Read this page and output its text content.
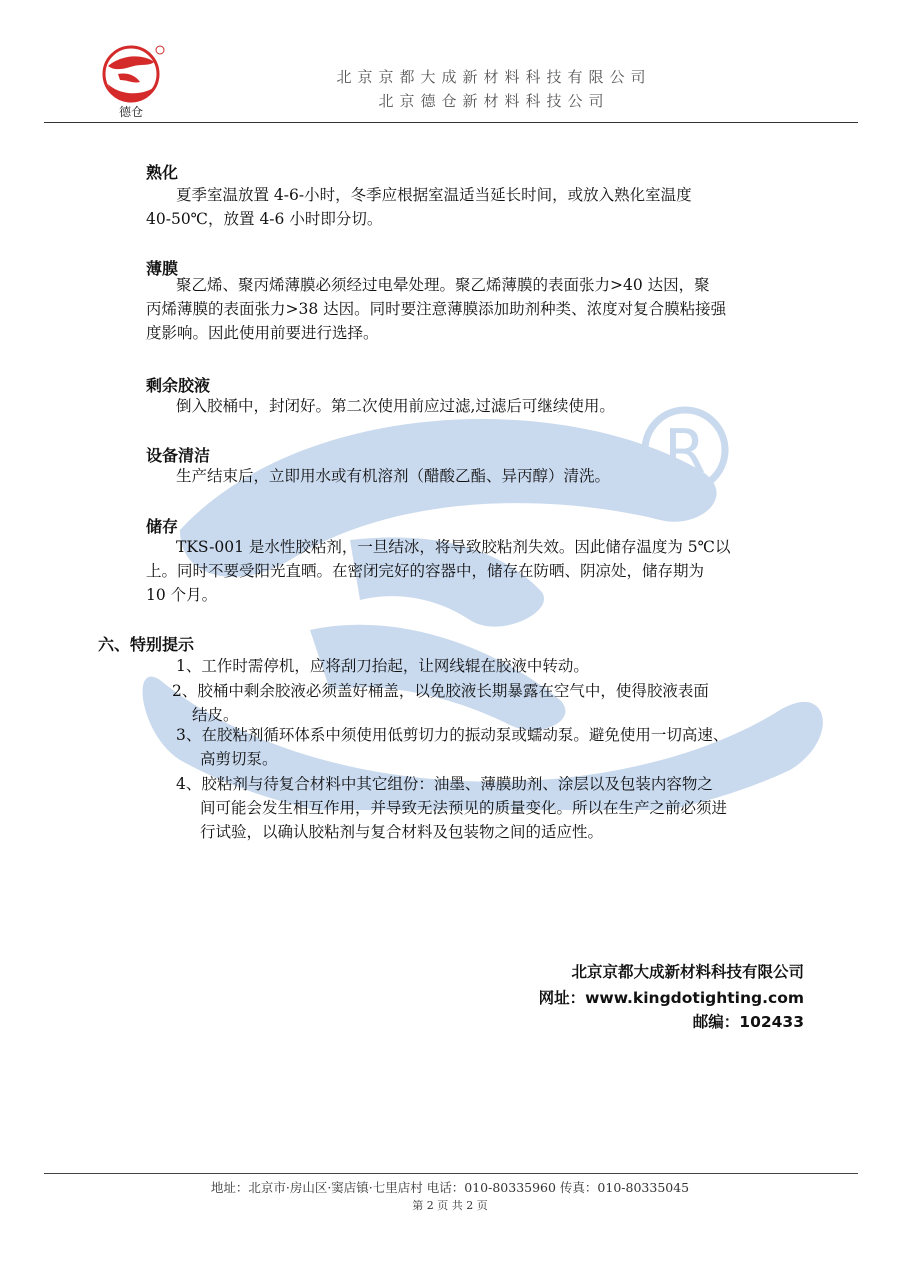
R
德仓
北京京都大成新材料科技有限公司
北京德仓新材料科技公司
熟化
夏季室温放置 4-6-小时，冬季应根据室温适当延长时间，或放入熟化室温度
40-50℃，放置 4-6 小时即分切。
薄膜
聚乙烯、聚丙烯薄膜必须经过电晕处理。聚乙烯薄膜的表面张力>40 达因，聚
丙烯薄膜的表面张力>38 达因。同时要注意薄膜添加助剂种类、浓度对复合膜粘接强
度影响。因此使用前要进行选择。
剩余胶液
倒入胶桶中，封闭好。第二次使用前应过滤,过滤后可继续使用。
设备清洁
生产结束后，立即用水或有机溶剂（醋酸乙酯、异丙醇）清洗。
储存
TKS-001 是水性胶粘剂，一旦结冰，将导致胶粘剂失效。因此储存温度为 5℃以
上。同时不要受阳光直晒。在密闭完好的容器中，储存在防晒、阴凉处，储存期为
10 个月。
六、特别提示
1、工作时需停机，应将刮刀抬起，让网线辊在胶液中转动。
2、胶桶中剩余胶液必须盖好桶盖，以免胶液长期暴露在空气中，使得胶液表面
结皮。
3、在胶粘剂循环体系中须使用低剪切力的振动泵或蠕动泵。避免使用一切高速、
高剪切泵。
4、胶粘剂与待复合材料中其它组份：油墨、薄膜助剂、涂层以及包装内容物之
间可能会发生相互作用，并导致无法预见的质量变化。所以在生产之前必须进
行试验，以确认胶粘剂与复合材料及包装物之间的适应性。
北京京都大成新材料科技有限公司
网址：www.kingdotighting.com
邮编：102433
地址：北京市·房山区·窦店镇·七里店村 电话：010-80335960 传真：010-80335045
第 2 页 共 2 页
